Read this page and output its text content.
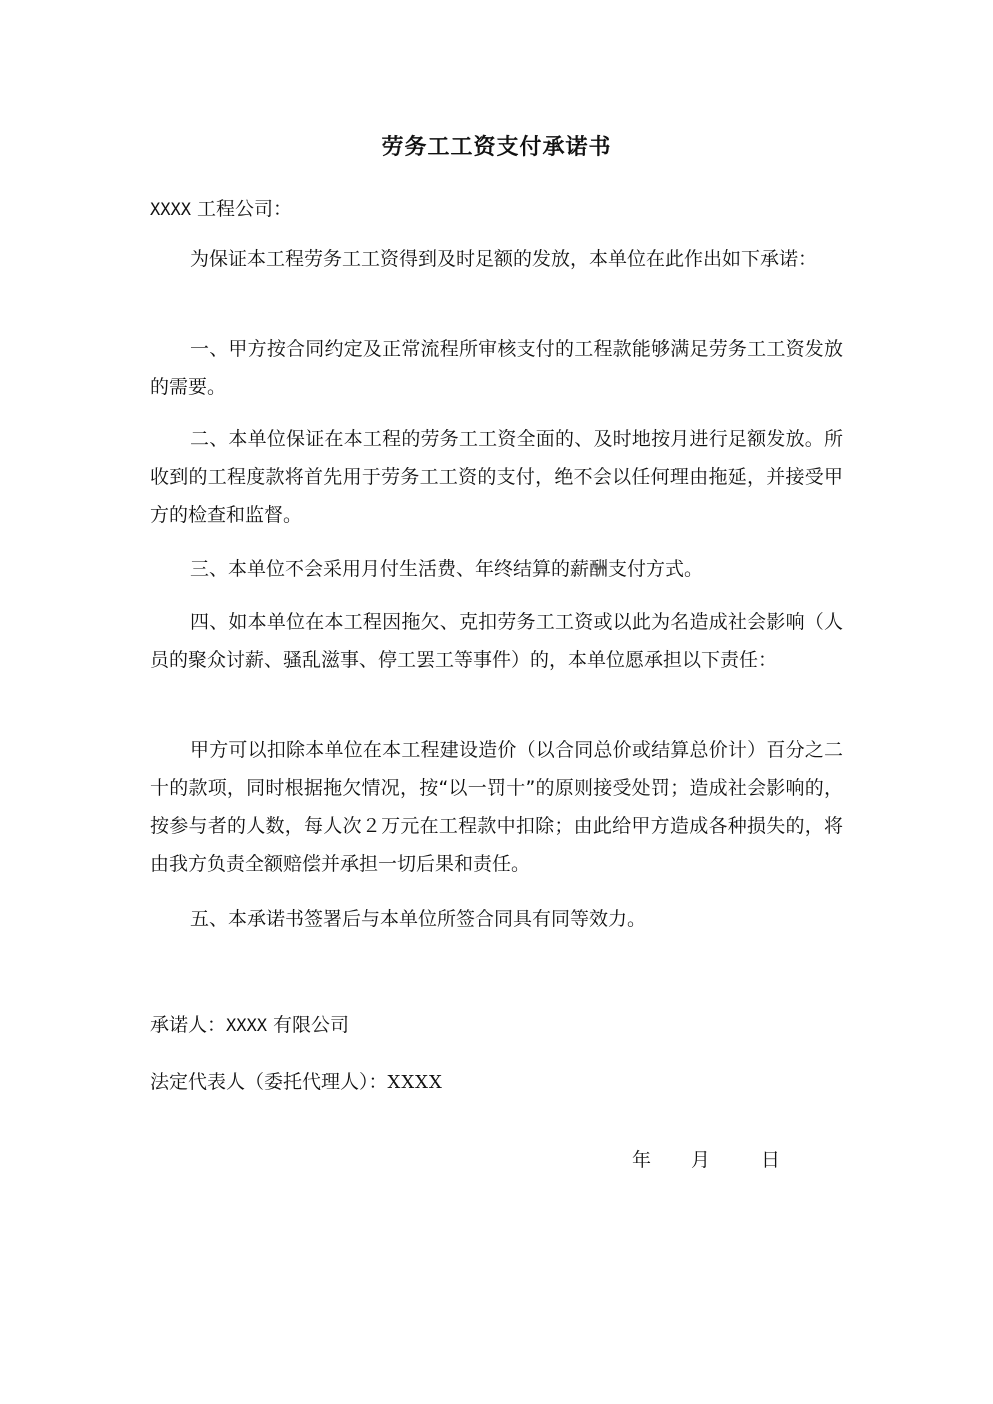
劳务工工资支付承诺书

XXXX 工程公司：

为保证本工程劳务工工资得到及时足额的发放，本单位在此作出如下承诺：

一、甲方按合同约定及正常流程所审核支付的工程款能够满足劳务工工资发放的需要。

二、本单位保证在本工程的劳务工工资全面的、及时地按月进行足额发放。所收到的工程度款将首先用于劳务工工资的支付，绝不会以任何理由拖延，并接受甲方的检查和监督。

三、本单位不会采用月付生活费、年终结算的薪酬支付方式。

四、如本单位在本工程因拖欠、克扣劳务工工资或以此为名造成社会影响（人员的聚众讨薪、骚乱滋事、停工罢工等事件）的，本单位愿承担以下责任：

甲方可以扣除本单位在本工程建设造价（以合同总价或结算总价计）百分之二十的款项，同时根据拖欠情况，按“以一罚十”的原则接受处罚；造成社会影响的，按参与者的人数，每人次２万元在工程款中扣除；由此给甲方造成各种损失的，将由我方负责全额赔偿并承担一切后果和责任。

五、本承诺书签署后与本单位所签合同具有同等效力。

承诺人：XXXX 有限公司

法定代表人（委托代理人）：XXXX

年 月	日
